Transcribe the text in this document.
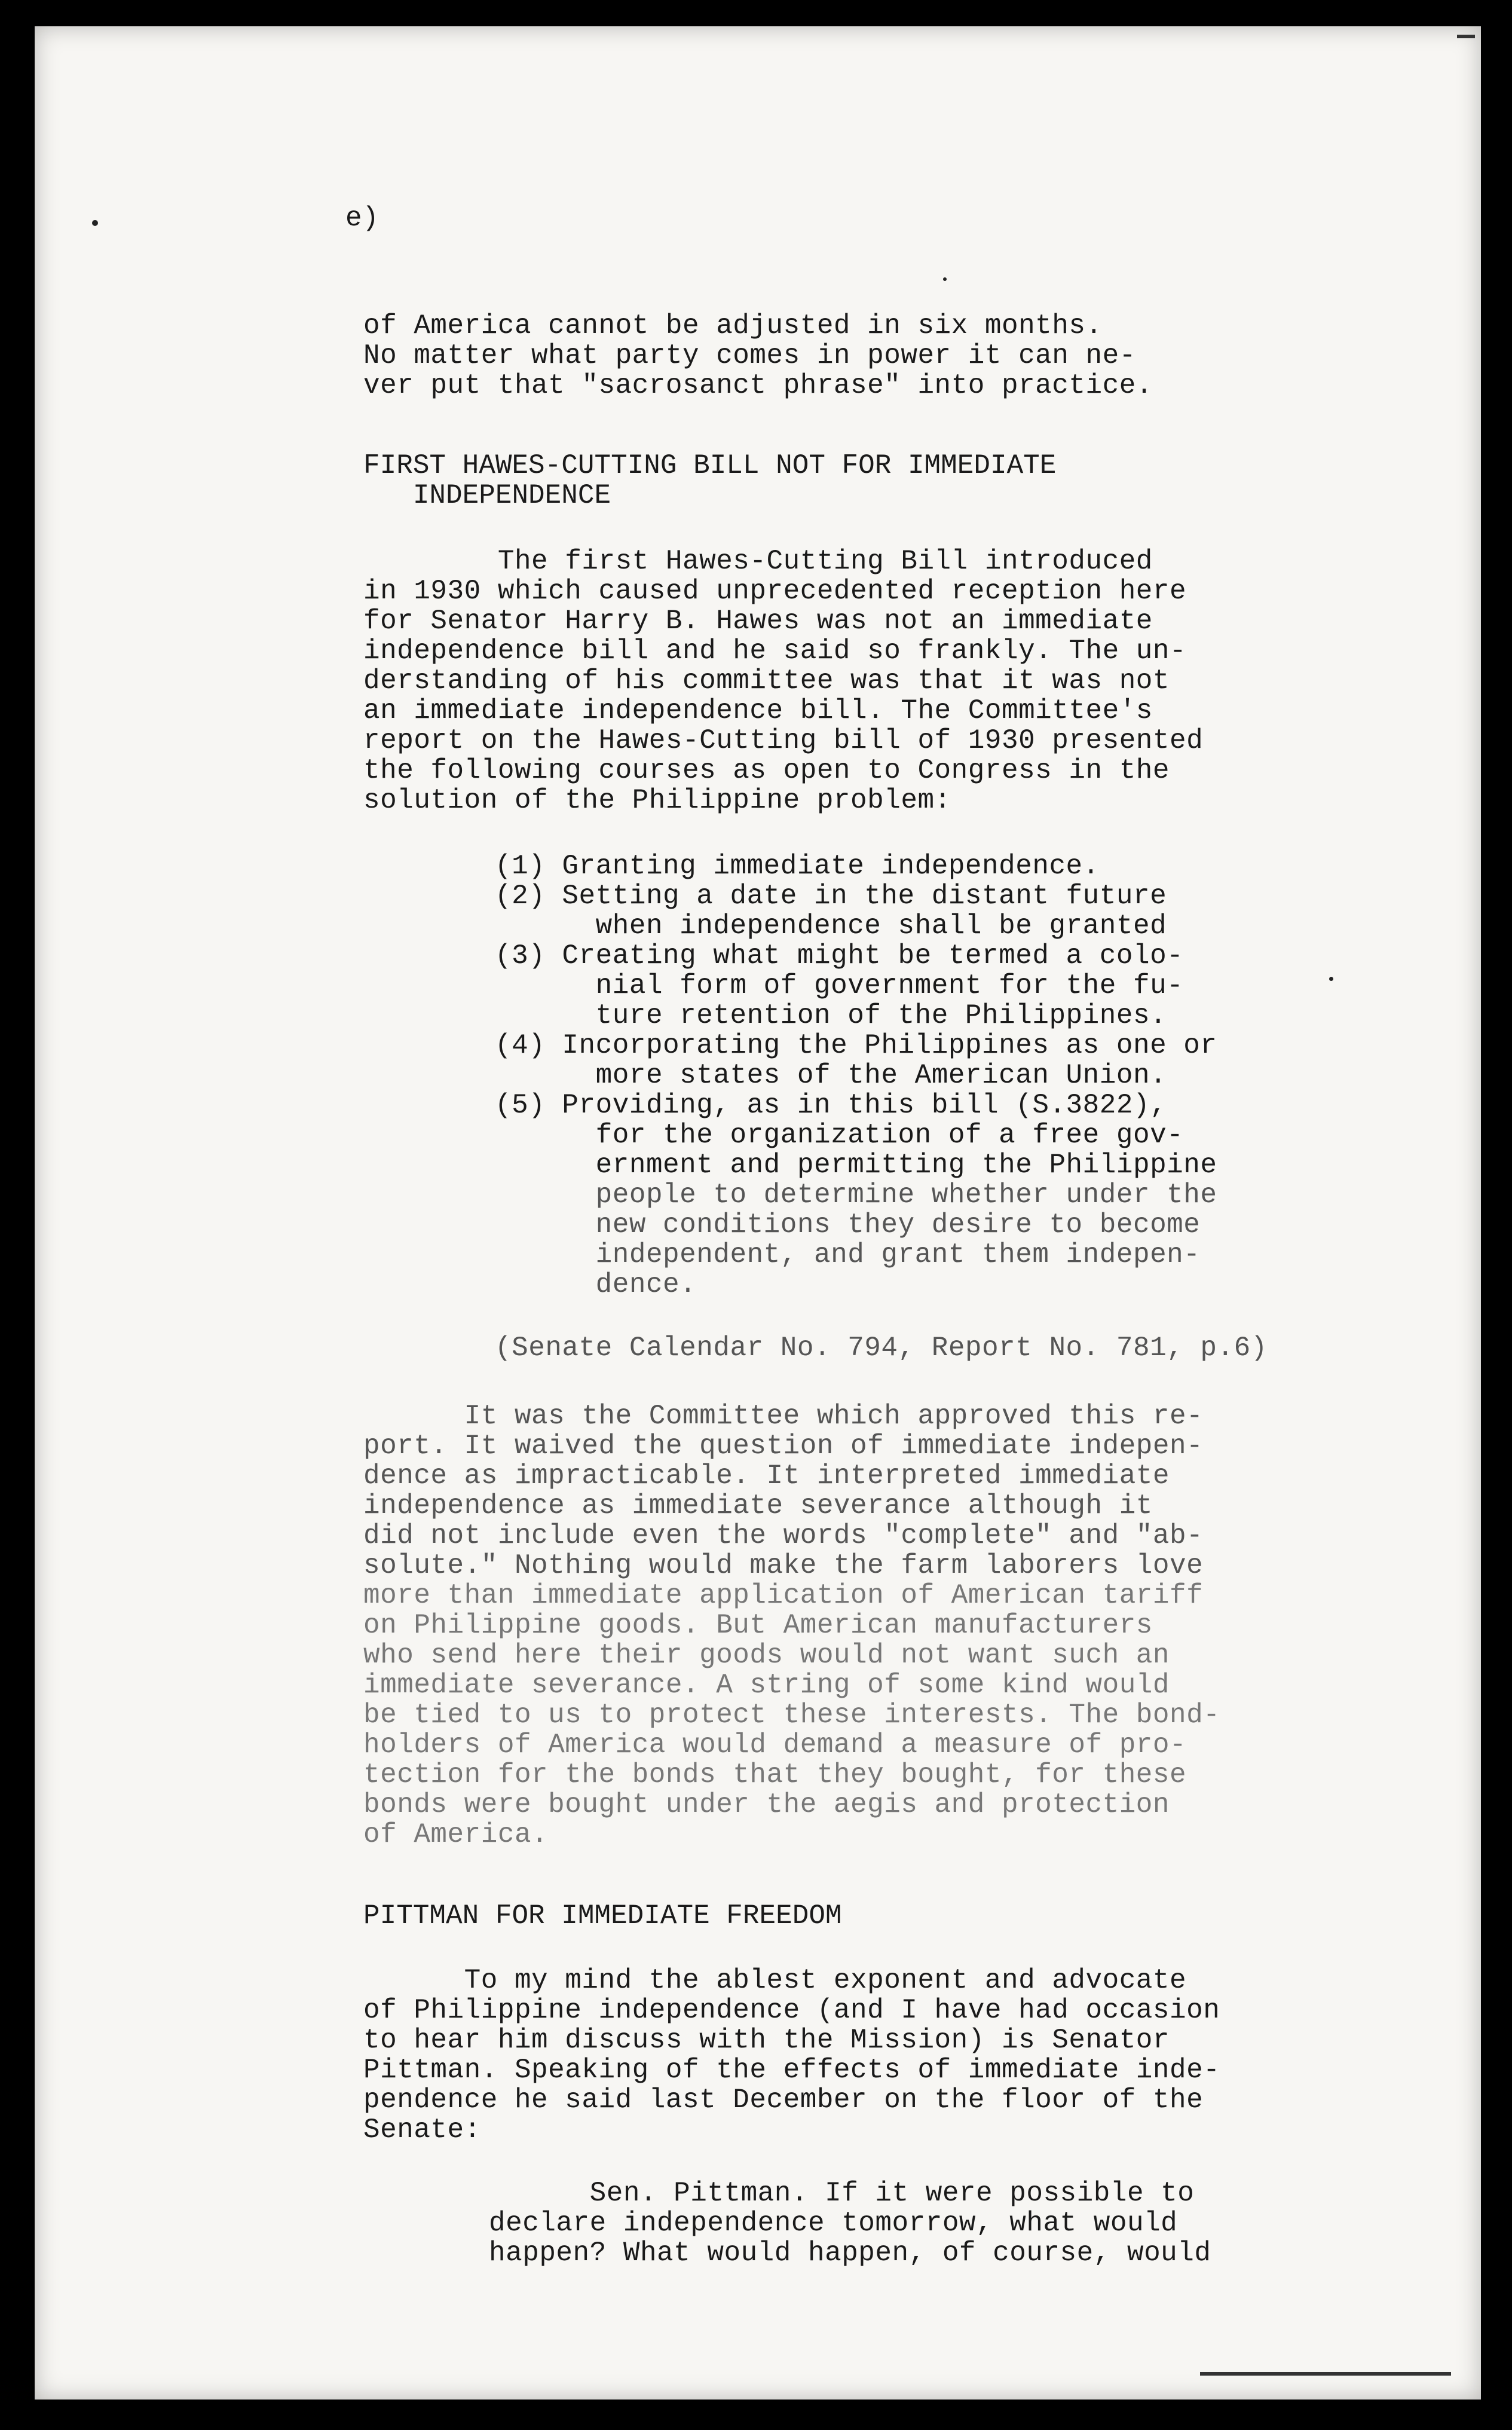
e)
of America cannot be adjusted in six months.
No matter what party comes in power it can ne-
ver put that "sacrosanct phrase" into practice.
FIRST HAWES-CUTTING BILL NOT FOR IMMEDIATE
INDEPENDENCE
The first Hawes-Cutting Bill introduced
in 1930 which caused unprecedented reception here
for Senator Harry B. Hawes was not an immediate
independence bill and he said so frankly. The un-
derstanding of his committee was that it was not
an immediate independence bill. The Committee's
report on the Hawes-Cutting bill of 1930 presented
the following courses as open to Congress in the
solution of the Philippine problem:
(1) Granting immediate independence.
(2) Setting a date in the distant future
when independence shall be granted
(3) Creating what might be termed a colo-
nial form of government for the fu-
ture retention of the Philippines.
(4) Incorporating the Philippines as one or
more states of the American Union.
(5) Providing, as in this bill (S.3822),
for the organization of a free gov-
ernment and permitting the Philippine
people to determine whether under the
new conditions they desire to become
independent, and grant them indepen-
dence.
(Senate Calendar No. 794, Report No. 781, p.6)
It was the Committee which approved this re-
port. It waived the question of immediate indepen-
dence as impracticable. It interpreted immediate
independence as immediate severance although it
did not include even the words "complete" and "ab-
solute." Nothing would make the farm laborers love
more than immediate application of American tariff
on Philippine goods. But American manufacturers
who send here their goods would not want such an
immediate severance. A string of some kind would
be tied to us to protect these interests. The bond-
holders of America would demand a measure of pro-
tection for the bonds that they bought, for these
bonds were bought under the aegis and protection
of America.
PITTMAN FOR IMMEDIATE FREEDOM
To my mind the ablest exponent and advocate
of Philippine independence (and I have had occasion
to hear him discuss with the Mission) is Senator
Pittman. Speaking of the effects of immediate inde-
pendence he said last December on the floor of the
Senate:
Sen. Pittman. If it were possible to
declare independence tomorrow, what would
happen? What would happen, of course, would
